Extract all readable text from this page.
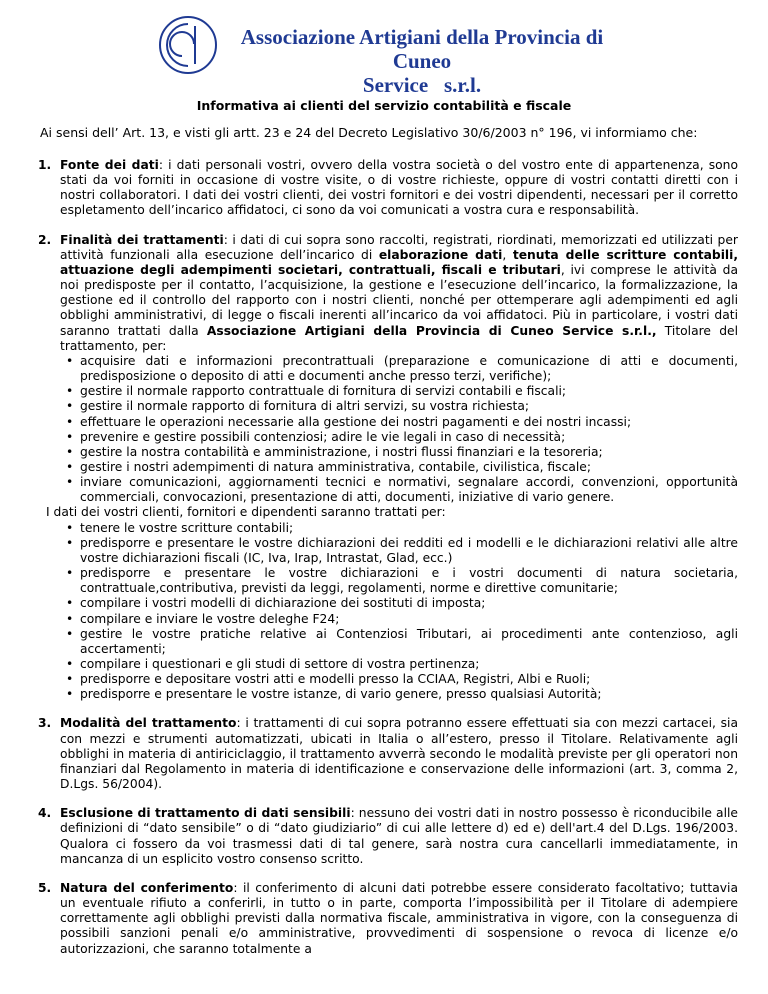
Associazione Artigiani della Provincia di Cuneo
Service   s.r.l.
Informativa ai clienti del servizio contabilità e fiscale
Ai sensi dell’ Art. 13, e visti gli artt. 23 e 24 del Decreto Legislativo 30/6/2003 n° 196, vi informiamo che:
1. Fonte dei dati: i dati personali vostri, ovvero della vostra società o del vostro ente di appartenenza, sono stati da voi forniti in occasione di vostre visite, o di vostre richieste, oppure di vostri contatti diretti con i nostri collaboratori. I dati dei vostri clienti, dei vostri fornitori e dei vostri dipendenti, necessari per il corretto espletamento dell’incarico affidatoci, ci sono da voi comunicati a vostra cura e responsabilità.
2. Finalità dei trattamenti: i dati di cui sopra sono raccolti, registrati, riordinati, memorizzati ed utilizzati per attività funzionali alla esecuzione dell’incarico di elaborazione dati, tenuta delle scritture contabili, attuazione degli adempimenti societari, contrattuali, fiscali e tributari, ivi comprese le attività da noi predisposte per il contatto, l’acquisizione, la gestione e l’esecuzione dell’incarico, la formalizzazione, la gestione ed il controllo del rapporto con i nostri clienti, nonché per ottemperare agli adempimenti ed agli obblighi amministrativi, di legge o fiscali inerenti all’incarico da voi affidatoci. Più in particolare, i vostri dati saranno trattati dalla Associazione Artigiani della Provincia di Cuneo Service s.r.l., Titolare del trattamento, per:
• acquisire dati e informazioni precontrattuali (preparazione e comunicazione di atti e documenti, predisposizione o deposito di atti e documenti anche presso terzi, verifiche);
• gestire il normale rapporto contrattuale di fornitura di servizi contabili e fiscali;
• gestire il normale rapporto di fornitura di altri servizi, su vostra richiesta;
• effettuare le operazioni necessarie alla gestione dei nostri pagamenti e dei nostri incassi;
• prevenire e gestire possibili contenziosi; adire le vie legali in caso di necessità;
• gestire la nostra contabilità e amministrazione, i nostri flussi finanziari e la tesoreria;
• gestire i nostri adempimenti di natura amministrativa, contabile, civilistica, fiscale;
• inviare comunicazioni, aggiornamenti tecnici e normativi, segnalare accordi, convenzioni, opportunità commerciali, convocazioni, presentazione di atti, documenti, iniziative di vario genere.
I dati dei vostri clienti, fornitori e dipendenti saranno trattati per:
• tenere le vostre scritture contabili;
• predisporre e presentare le vostre dichiarazioni dei redditi ed i modelli e le dichiarazioni relativi alle altre vostre dichiarazioni fiscali (IC, Iva, Irap, Intrastat, Glad, ecc.)
• predisporre e presentare le vostre dichiarazioni e i vostri documenti di natura societaria, contrattuale,contributiva, previsti da leggi, regolamenti, norme e direttive comunitarie;
• compilare i vostri modelli di dichiarazione dei sostituti di imposta;
• compilare e inviare le vostre deleghe F24;
• gestire le vostre pratiche relative ai Contenziosi Tributari, ai procedimenti ante contenzioso, agli accertamenti;
• compilare i questionari e gli studi di settore di vostra pertinenza;
• predisporre e depositare vostri atti e modelli presso la CCIAA, Registri, Albi e Ruoli;
• predisporre e presentare le vostre istanze, di vario genere, presso qualsiasi Autorità;
3. Modalità del trattamento: i trattamenti di cui sopra potranno essere effettuati sia con mezzi cartacei, sia con mezzi e strumenti automatizzati, ubicati in Italia o all’estero, presso il Titolare. Relativamente agli obblighi in materia di antiriciclaggio, il trattamento avverrà secondo le modalità previste per gli operatori non finanziari dal Regolamento in materia di identificazione e conservazione delle informazioni (art. 3, comma 2, D.Lgs. 56/2004).
4. Esclusione di trattamento di dati sensibili: nessuno dei vostri dati in nostro possesso è riconducibile alle definizioni di “dato sensibile” o di “dato giudiziario” di cui alle lettere d) ed e) dell'art.4 del D.Lgs. 196/2003. Qualora ci fossero da voi trasmessi dati di tal genere, sarà nostra cura cancellarli immediatamente, in mancanza di un esplicito vostro consenso scritto.
5. Natura del conferimento: il conferimento di alcuni dati potrebbe essere considerato facoltativo; tuttavia un eventuale rifiuto a conferirli, in tutto o in parte, comporta l’impossibilità per il Titolare di adempiere correttamente agli obblighi previsti dalla normativa fiscale, amministrativa in vigore, con la conseguenza di possibili sanzioni penali e/o amministrative, provvedimenti di sospensione o revoca di licenze e/o autorizzazioni, che saranno totalmente a
